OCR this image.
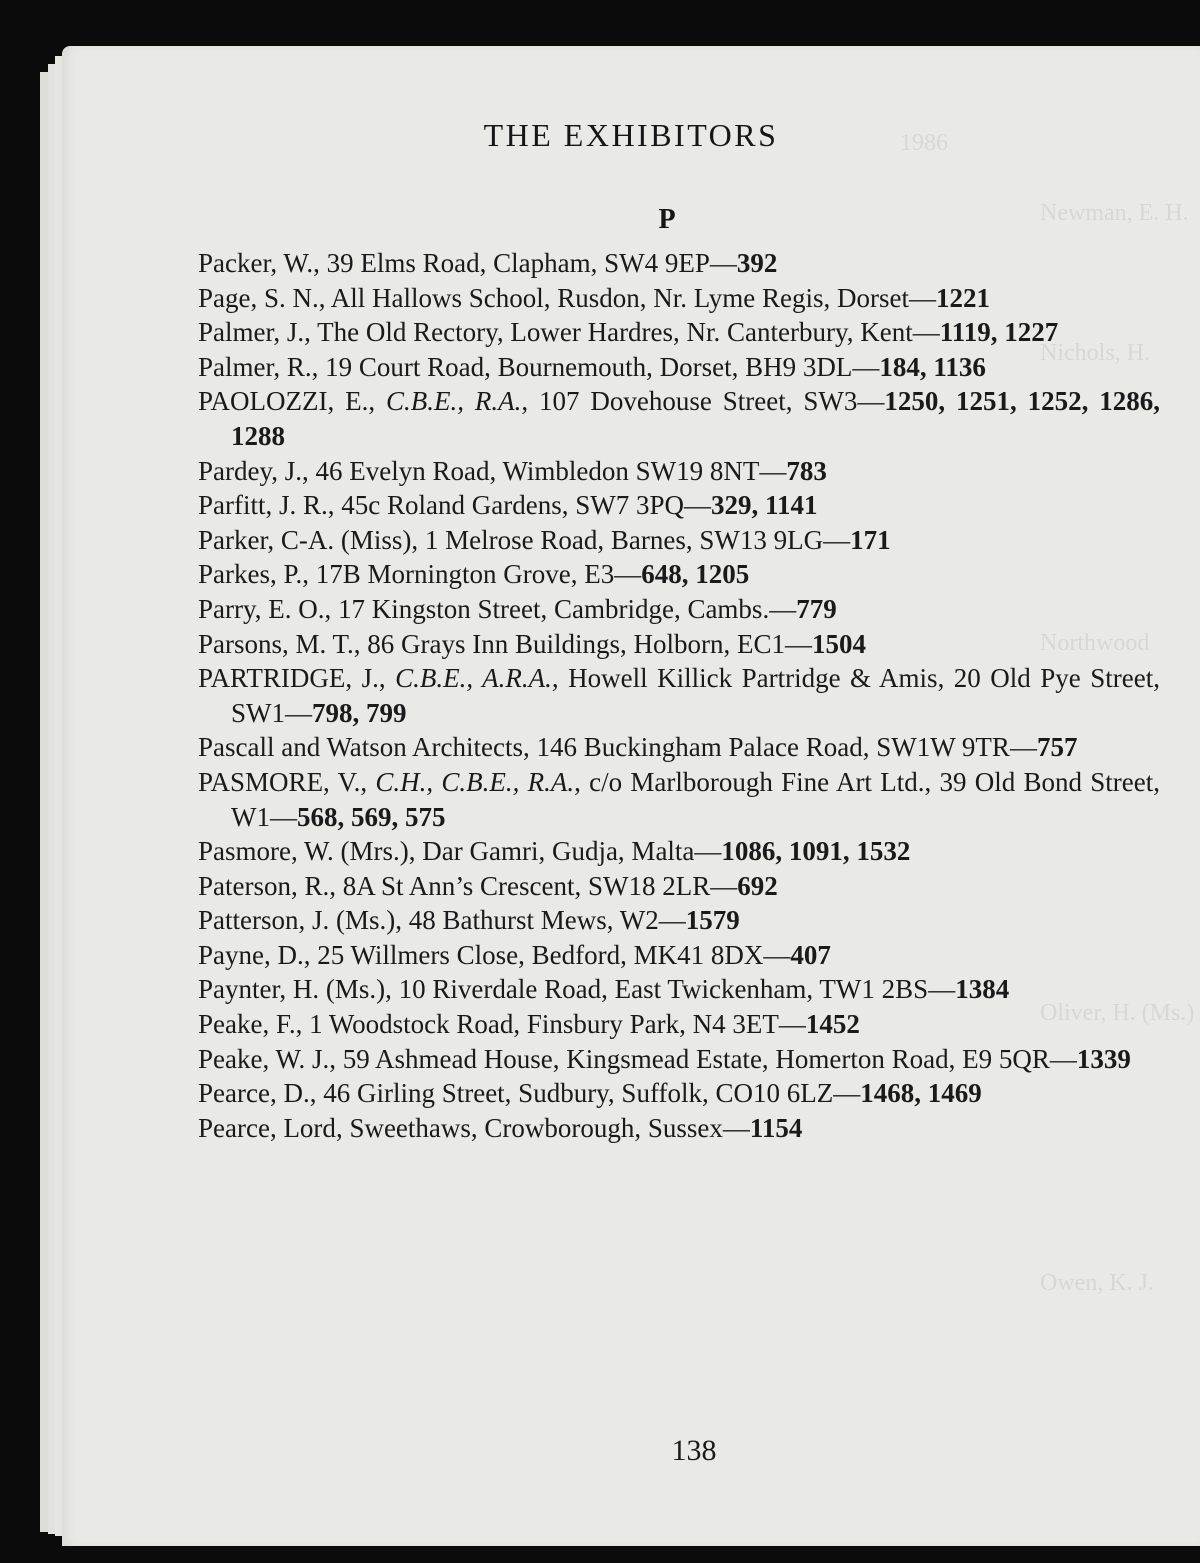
1986
Newman, E. H.
Nichols, H.
Northwood
Oliver, H. (Ms.)
Owen, K. J.
THE EXHIBITORS
P
Packer, W., 39 Elms Road, Clapham, SW4 9EP—392
Page, S. N., All Hallows School, Rusdon, Nr. Lyme Regis, Dorset—1221
Palmer, J., The Old Rectory, Lower Hardres, Nr. Canterbury, Kent—1119, 1227
Palmer, R., 19 Court Road, Bournemouth, Dorset, BH9 3DL—184, 1136
PAOLOZZI, E., C.B.E., R.A., 107 Dovehouse Street, SW3—1250, 1251, 1252, 1286, 1288
Pardey, J., 46 Evelyn Road, Wimbledon SW19 8NT—783
Parfitt, J. R., 45c Roland Gardens, SW7 3PQ—329, 1141
Parker, C-A. (Miss), 1 Melrose Road, Barnes, SW13 9LG—171
Parkes, P., 17B Mornington Grove, E3—648, 1205
Parry, E. O., 17 Kingston Street, Cambridge, Cambs.—779
Parsons, M. T., 86 Grays Inn Buildings, Holborn, EC1—1504
PARTRIDGE, J., C.B.E., A.R.A., Howell Killick Partridge & Amis, 20 Old Pye Street, SW1—798, 799
Pascall and Watson Architects, 146 Buckingham Palace Road, SW1W 9TR—757
PASMORE, V., C.H., C.B.E., R.A., c/o Marlborough Fine Art Ltd., 39 Old Bond Street, W1—568, 569, 575
Pasmore, W. (Mrs.), Dar Gamri, Gudja, Malta—1086, 1091, 1532
Paterson, R., 8A St Ann’s Crescent, SW18 2LR—692
Patterson, J. (Ms.), 48 Bathurst Mews, W2—1579
Payne, D., 25 Willmers Close, Bedford, MK41 8DX—407
Paynter, H. (Ms.), 10 Riverdale Road, East Twickenham, TW1 2BS—1384
Peake, F., 1 Woodstock Road, Finsbury Park, N4 3ET—1452
Peake, W. J., 59 Ashmead House, Kingsmead Estate, Homerton Road, E9 5QR—1339
Pearce, D., 46 Girling Street, Sudbury, Suffolk, CO10 6LZ—1468, 1469
Pearce, Lord, Sweethaws, Crowborough, Sussex—1154
138
